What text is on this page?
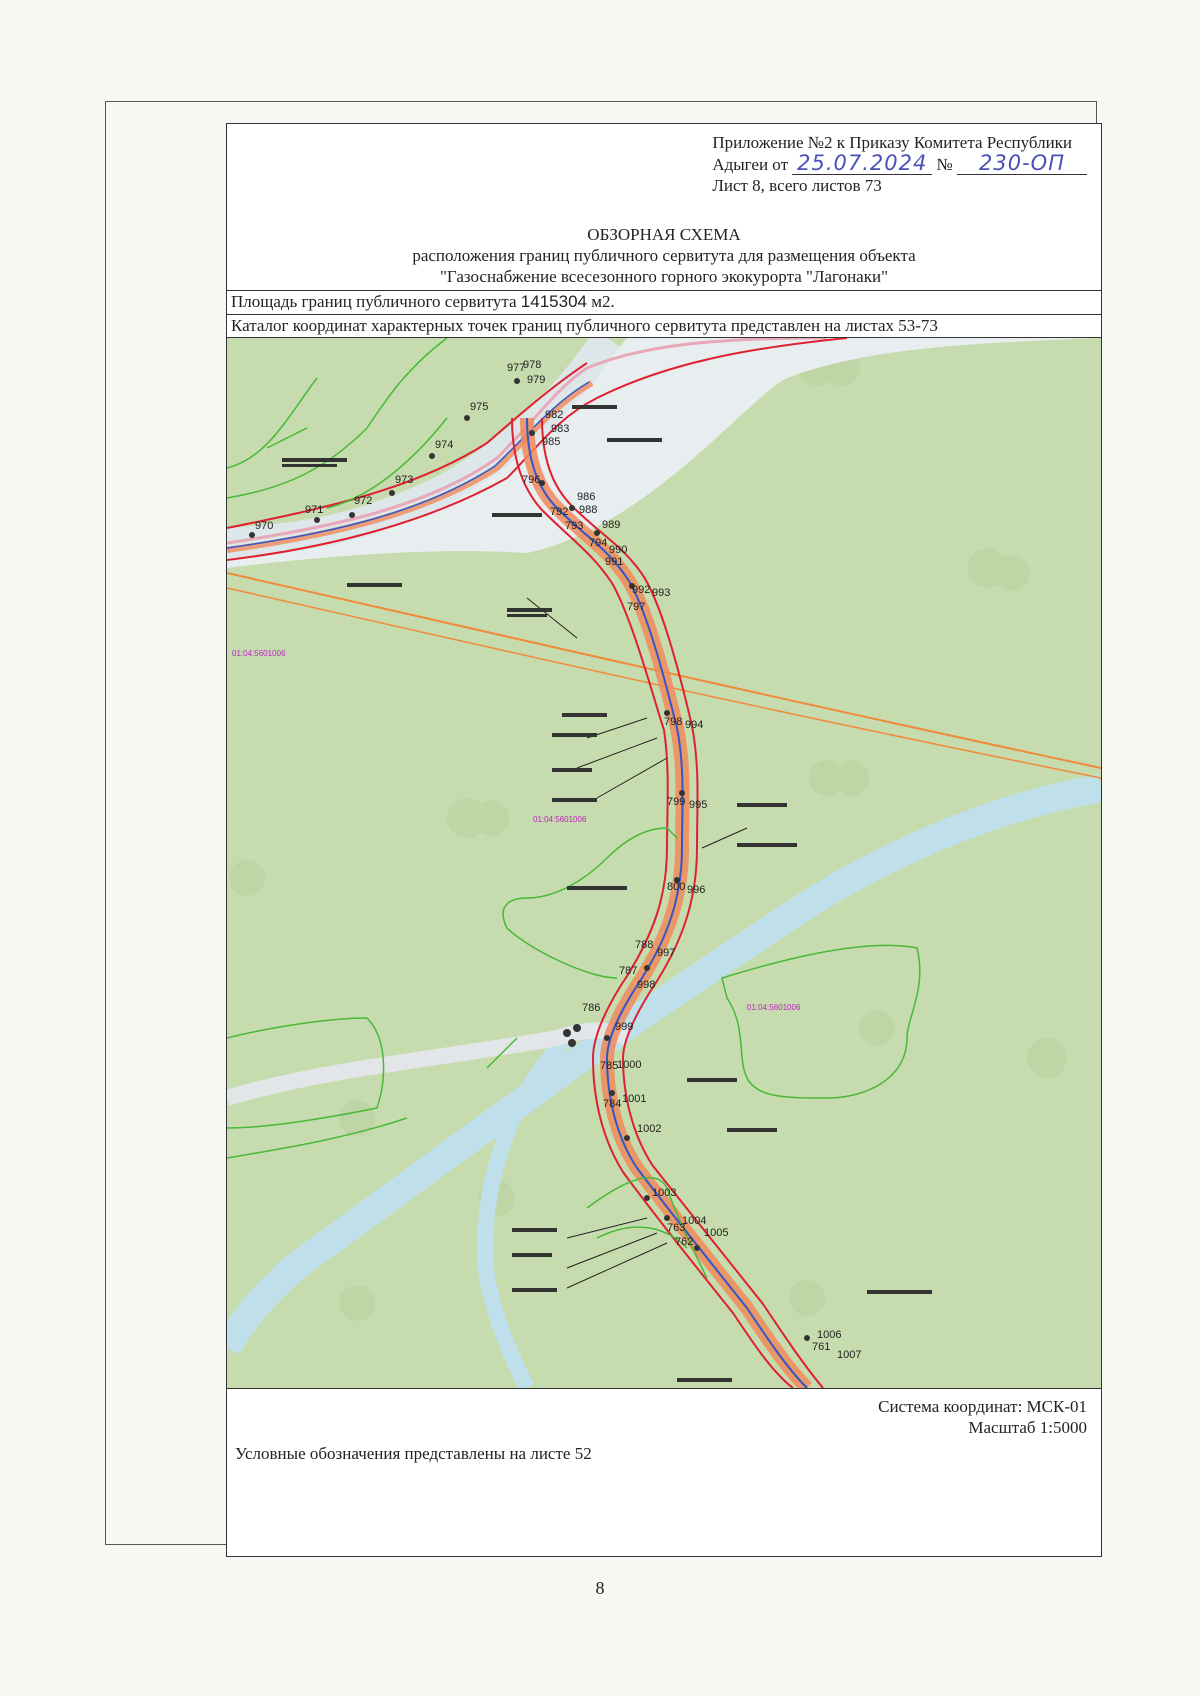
Приложение №2 к Приказу Комитета Республики
Адыгеи от 25.07.2024 № 230-ОП
Лист 8, всего листов 73
ОБЗОРНАЯ СХЕМА
расположения границ публичного сервитута для размещения объекта
"Газоснабжение всесезонного горного экокурорта "Лагонаки"
Площадь границ публичного сервитута 1415304 м2.
Каталог координат характерных точек границ публичного сервитута представлен на листах 53-73
01:04:5601006
01:04:5601006
01:04:5601006
970
971
972
973
974
975
977
978
979
982
983
985
796
986
988
989
990
991
992 993
994
995
996
997
998
999
1000
1001
1002
1003
1004
1005
1006
1007
763
762
761
792
793
794
797
798
799
800
788
787
786
785
784
Система координат: МСК-01
Масштаб 1:5000
Условные обозначения представлены на листе 52
8
